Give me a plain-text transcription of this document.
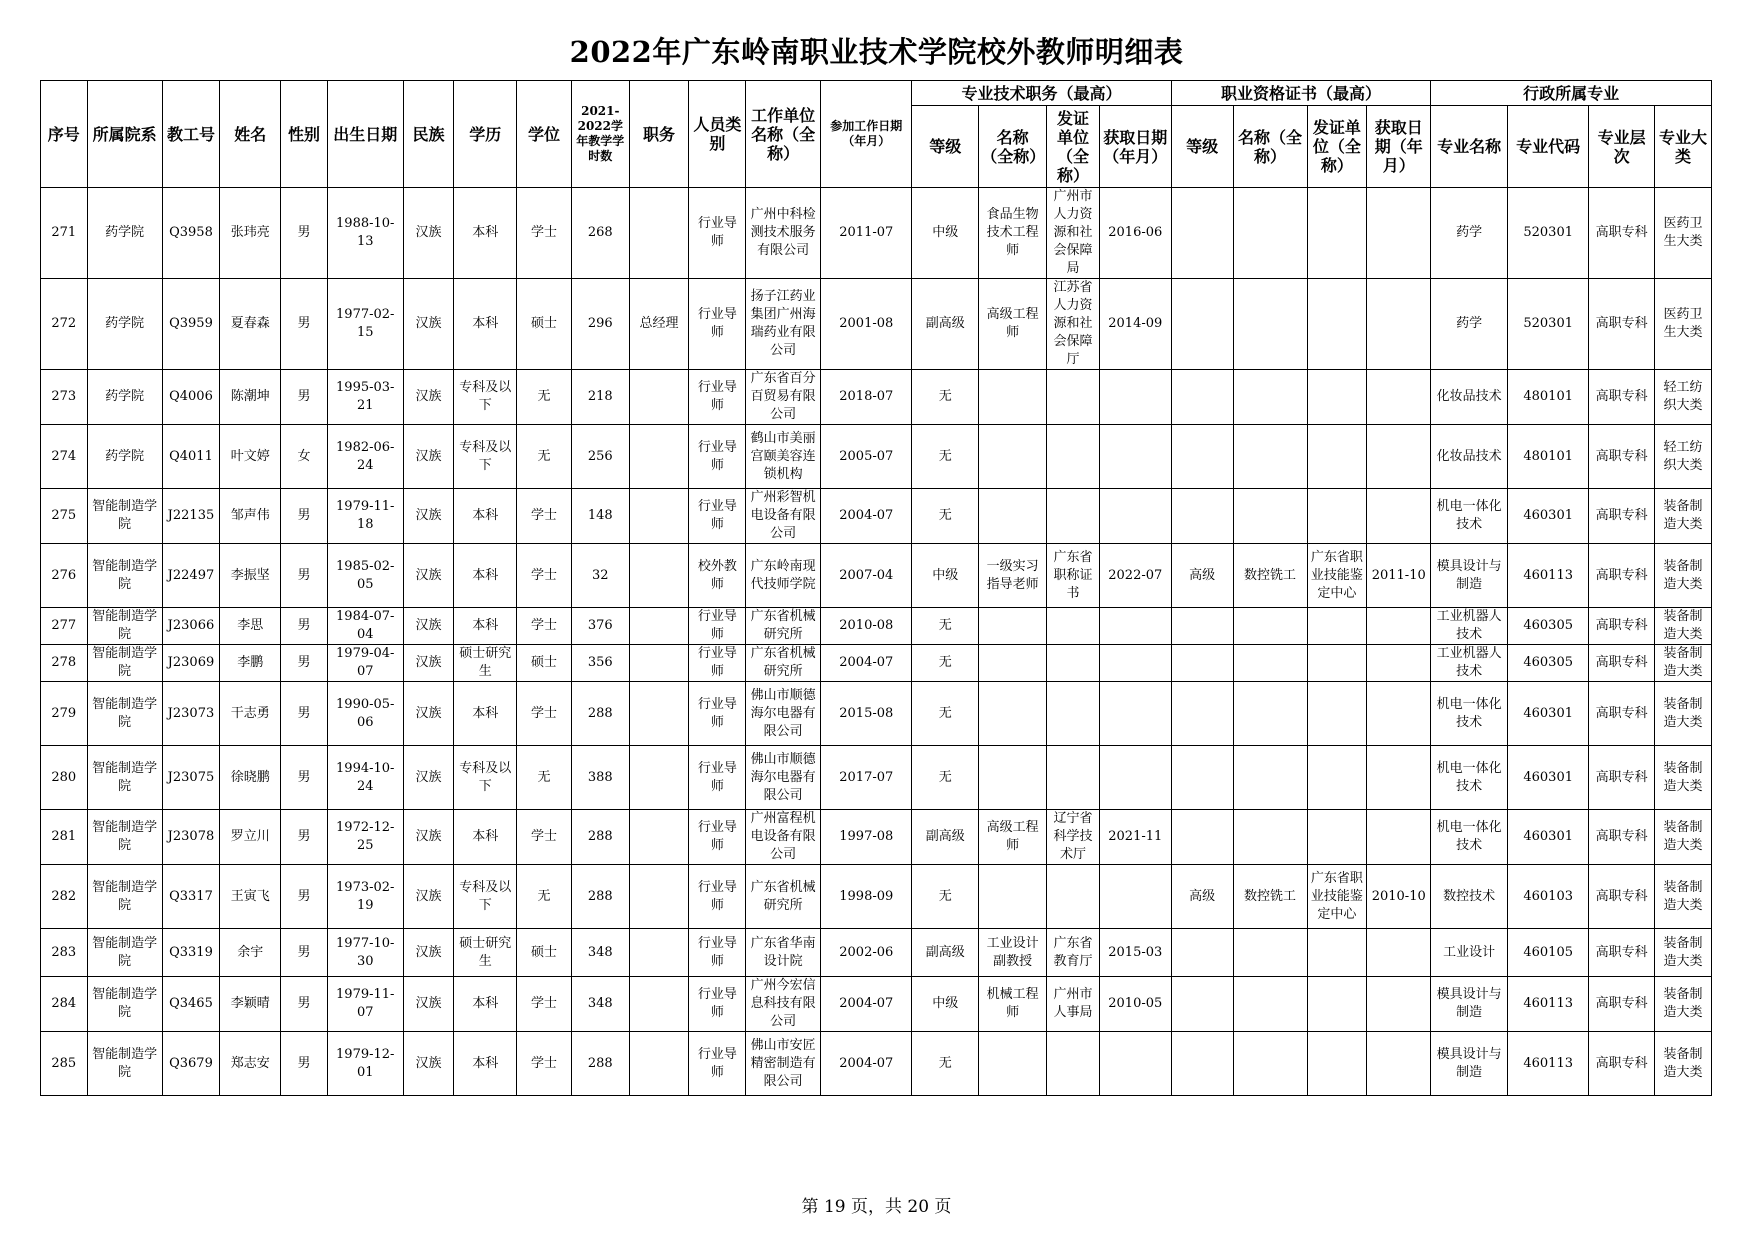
2022年广东岭南职业技术学院校外教师明细表
序号	所属院系	教工号	姓名	性别	出生日期	民族	学历	学位	2021-2022学年教学学时数	职务	人员类别	工作单位名称（全称）	参加工作日期（年月）	专业技术职务（最高）				职业资格证书（最高）				行政所属专业			
														等级	名称（全称）	发证单位（全称）	获取日期（年月）	等级	名称（全称）	发证单位（全称）	获取日期（年月）	专业名称	专业代码	专业层次	专业大类
271	药学院	Q3958	张玮亮	男	1988-10-13	汉族	本科	学士	268		行业导师	广州中科检测技术服务有限公司	2011-07	中级	食品生物技术工程师	广州市人力资源和社会保障局	2016-06					药学	520301	高职专科	医药卫生大类
272	药学院	Q3959	夏春森	男	1977-02-15	汉族	本科	硕士	296	总经理	行业导师	扬子江药业集团广州海瑞药业有限公司	2001-08	副高级	高级工程师	江苏省人力资源和社会保障厅	2014-09					药学	520301	高职专科	医药卫生大类
273	药学院	Q4006	陈潮坤	男	1995-03-21	汉族	专科及以下	无	218		行业导师	广东省百分百贸易有限公司	2018-07	无								化妆品技术	480101	高职专科	轻工纺织大类
274	药学院	Q4011	叶文婷	女	1982-06-24	汉族	专科及以下	无	256		行业导师	鹤山市美丽宫颐美容连锁机构	2005-07	无								化妆品技术	480101	高职专科	轻工纺织大类
275	智能制造学院	J22135	邹声伟	男	1979-11-18	汉族	本科	学士	148		行业导师	广州彩智机电设备有限公司	2004-07	无								机电一体化技术	460301	高职专科	装备制造大类
276	智能制造学院	J22497	李振坚	男	1985-02-05	汉族	本科	学士	32		校外教师	广东岭南现代技师学院	2007-04	中级	一级实习指导老师	广东省职称证书	2022-07	高级	数控铣工	广东省职业技能鉴定中心	2011-10	模具设计与制造	460113	高职专科	装备制造大类
277	智能制造学院	J23066	李思	男	1984-07-04	汉族	本科	学士	376		行业导师	广东省机械研究所	2010-08	无								工业机器人技术	460305	高职专科	装备制造大类
278	智能制造学院	J23069	李鹏	男	1979-04-07	汉族	硕士研究生	硕士	356		行业导师	广东省机械研究所	2004-07	无								工业机器人技术	460305	高职专科	装备制造大类
279	智能制造学院	J23073	干志勇	男	1990-05-06	汉族	本科	学士	288		行业导师	佛山市顺德海尔电器有限公司	2015-08	无								机电一体化技术	460301	高职专科	装备制造大类
280	智能制造学院	J23075	徐晓鹏	男	1994-10-24	汉族	专科及以下	无	388		行业导师	佛山市顺德海尔电器有限公司	2017-07	无								机电一体化技术	460301	高职专科	装备制造大类
281	智能制造学院	J23078	罗立川	男	1972-12-25	汉族	本科	学士	288		行业导师	广州富程机电设备有限公司	1997-08	副高级	高级工程师	辽宁省科学技术厅	2021-11					机电一体化技术	460301	高职专科	装备制造大类
282	智能制造学院	Q3317	王寅飞	男	1973-02-19	汉族	专科及以下	无	288		行业导师	广东省机械研究所	1998-09	无				高级	数控铣工	广东省职业技能鉴定中心	2010-10	数控技术	460103	高职专科	装备制造大类
283	智能制造学院	Q3319	余宇	男	1977-10-30	汉族	硕士研究生	硕士	348		行业导师	广东省华南设计院	2002-06	副高级	工业设计副教授	广东省教育厅	2015-03					工业设计	460105	高职专科	装备制造大类
284	智能制造学院	Q3465	李颖晴	男	1979-11-07	汉族	本科	学士	348		行业导师	广州今宏信息科技有限公司	2004-07	中级	机械工程师	广州市人事局	2010-05					模具设计与制造	460113	高职专科	装备制造大类
285	智能制造学院	Q3679	郑志安	男	1979-12-01	汉族	本科	学士	288		行业导师	佛山市安匠精密制造有限公司	2004-07	无								模具设计与制造	460113	高职专科	装备制造大类
第 19 页，共 20 页
